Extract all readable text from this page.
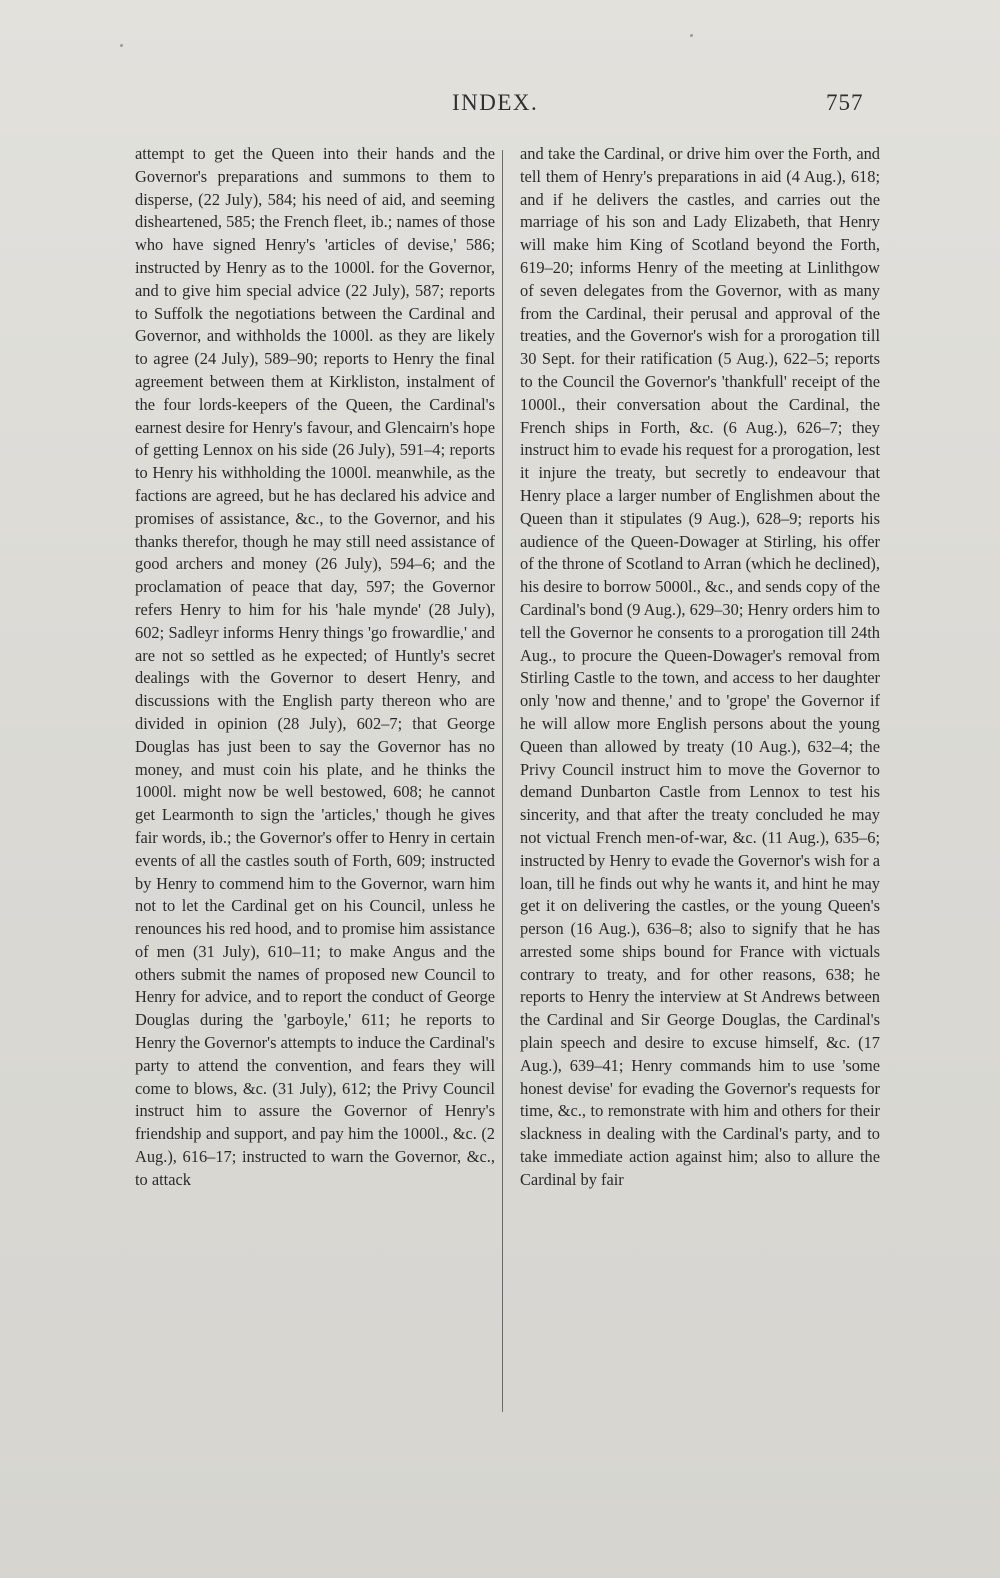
INDEX.	757
attempt to get the Queen into their hands and the Governor's preparations and summons to them to disperse, (22 July), 584; his need of aid, and seeming disheartened, 585; the French fleet, ib.; names of those who have signed Henry's 'articles of devise,' 586; instructed by Henry as to the 1000l. for the Governor, and to give him special advice (22 July), 587; reports to Suffolk the negotiations between the Cardinal and Governor, and withholds the 1000l. as they are likely to agree (24 July), 589–90; reports to Henry the final agreement between them at Kirkliston, instalment of the four lords-keepers of the Queen, the Cardinal's earnest desire for Henry's favour, and Glencairn's hope of getting Lennox on his side (26 July), 591–4; reports to Henry his withholding the 1000l. meanwhile, as the factions are agreed, but he has declared his advice and promises of assistance, &c., to the Governor, and his thanks therefor, though he may still need assistance of good archers and money (26 July), 594–6; and the proclamation of peace that day, 597; the Governor refers Henry to him for his 'hale mynde' (28 July), 602; Sadleyr informs Henry things 'go frowardlie,' and are not so settled as he expected; of Huntly's secret dealings with the Governor to desert Henry, and discussions with the English party thereon who are divided in opinion (28 July), 602–7; that George Douglas has just been to say the Governor has no money, and must coin his plate, and he thinks the 1000l. might now be well bestowed, 608; he cannot get Learmonth to sign the 'articles,' though he gives fair words, ib.; the Governor's offer to Henry in certain events of all the castles south of Forth, 609; instructed by Henry to commend him to the Governor, warn him not to let the Cardinal get on his Council, unless he renounces his red hood, and to promise him assistance of men (31 July), 610–11; to make Angus and the others submit the names of proposed new Council to Henry for advice, and to report the conduct of George Douglas during the 'garboyle,' 611; he reports to Henry the Governor's attempts to induce the Cardinal's party to attend the convention, and fears they will come to blows, &c. (31 July), 612; the Privy Council instruct him to assure the Governor of Henry's friendship and support, and pay him the 1000l., &c. (2 Aug.), 616–17; instructed to warn the Governor, &c., to attack
and take the Cardinal, or drive him over the Forth, and tell them of Henry's preparations in aid (4 Aug.), 618; and if he delivers the castles, and carries out the marriage of his son and Lady Elizabeth, that Henry will make him King of Scotland beyond the Forth, 619–20; informs Henry of the meeting at Linlithgow of seven delegates from the Governor, with as many from the Cardinal, their perusal and approval of the treaties, and the Governor's wish for a prorogation till 30 Sept. for their ratification (5 Aug.), 622–5; reports to the Council the Governor's 'thankfull' receipt of the 1000l., their conversation about the Cardinal, the French ships in Forth, &c. (6 Aug.), 626–7; they instruct him to evade his request for a prorogation, lest it injure the treaty, but secretly to endeavour that Henry place a larger number of Englishmen about the Queen than it stipulates (9 Aug.), 628–9; reports his audience of the Queen-Dowager at Stirling, his offer of the throne of Scotland to Arran (which he declined), his desire to borrow 5000l., &c., and sends copy of the Cardinal's bond (9 Aug.), 629–30; Henry orders him to tell the Governor he consents to a prorogation till 24th Aug., to procure the Queen-Dowager's removal from Stirling Castle to the town, and access to her daughter only 'now and thenne,' and to 'grope' the Governor if he will allow more English persons about the young Queen than allowed by treaty (10 Aug.), 632–4; the Privy Council instruct him to move the Governor to demand Dunbarton Castle from Lennox to test his sincerity, and that after the treaty concluded he may not victual French men-of-war, &c. (11 Aug.), 635–6; instructed by Henry to evade the Governor's wish for a loan, till he finds out why he wants it, and hint he may get it on delivering the castles, or the young Queen's person (16 Aug.), 636–8; also to signify that he has arrested some ships bound for France with victuals contrary to treaty, and for other reasons, 638; he reports to Henry the interview at St Andrews between the Cardinal and Sir George Douglas, the Cardinal's plain speech and desire to excuse himself, &c. (17 Aug.), 639–41; Henry commands him to use 'some honest devise' for evading the Governor's requests for time, &c., to remonstrate with him and others for their slackness in dealing with the Cardinal's party, and to take immediate action against him; also to allure the Cardinal by fair
